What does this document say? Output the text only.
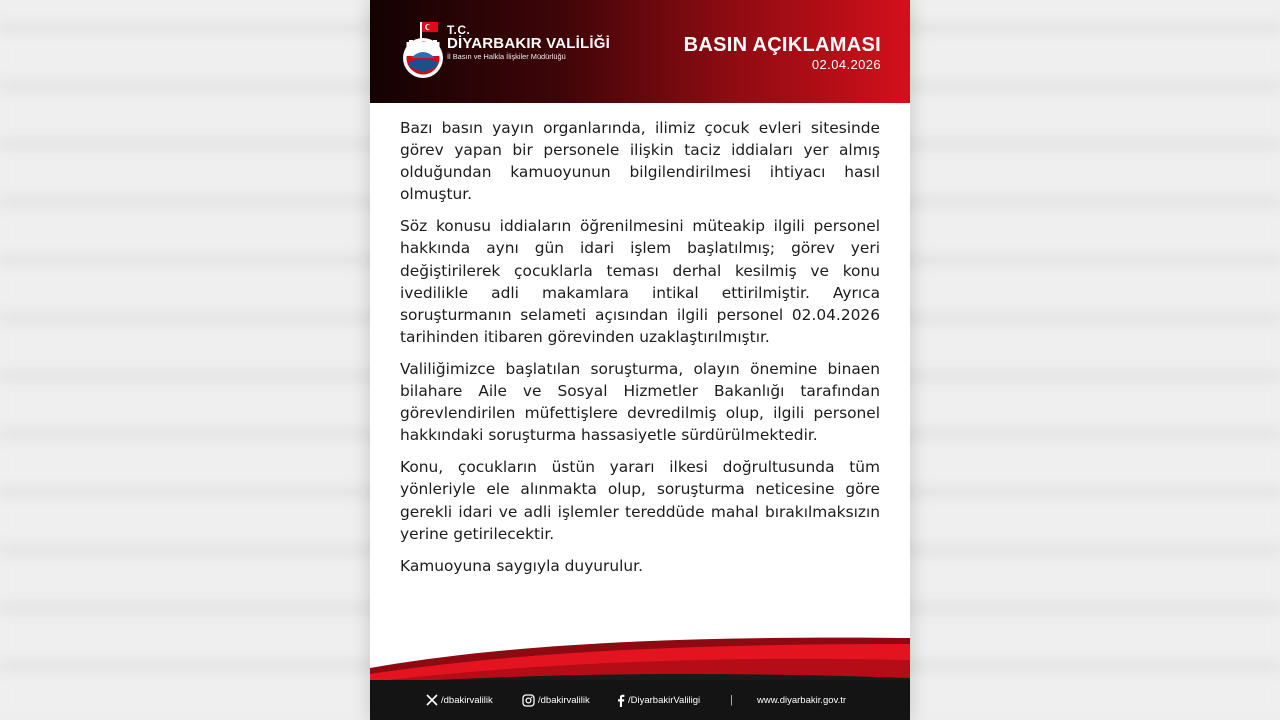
T.C.
DİYARBAKIR VALİLİĞİ
İl Basın ve Halkla İlişkiler Müdürlüğü
BASIN AÇIKLAMASI
02.04.2026

Bazı basın yayın organlarında, ilimiz çocuk evleri sitesinde görev yapan bir personele ilişkin taciz iddiaları yer almış olduğundan kamuoyunun bilgilendirilmesi ihtiyacı hasıl olmuştur.

Söz konusu iddiaların öğrenilmesini müteakip ilgili personel hakkında aynı gün idari işlem başlatılmış; görev yeri değiştirilerek çocuklarla teması derhal kesilmiş ve konu ivedilikle adli makamlara intikal ettirilmiştir. Ayrıca soruşturmanın selameti açısından ilgili personel 02.04.2026 tarihinden itibaren görevinden uzaklaştırılmıştır.

Valiliğimizce başlatılan soruşturma, olayın önemine binaen bilahare Aile ve Sosyal Hizmetler Bakanlığı tarafından görevlendirilen müfettişlere devredilmiş olup, ilgili personel hakkındaki soruşturma hassasiyetle sürdürülmektedir.

Konu, çocukların üstün yararı ilkesi doğrultusunda tüm yönleriyle ele alınmakta olup, soruşturma neticesine göre gerekli idari ve adli işlemler tereddüde mahal bırakılmaksızın yerine getirilecektir.

Kamuoyuna saygıyla duyurulur.

/dbakirvalilik	/dbakirvalilik	/DiyarbakirValiligi	|	www.diyarbakir.gov.tr
